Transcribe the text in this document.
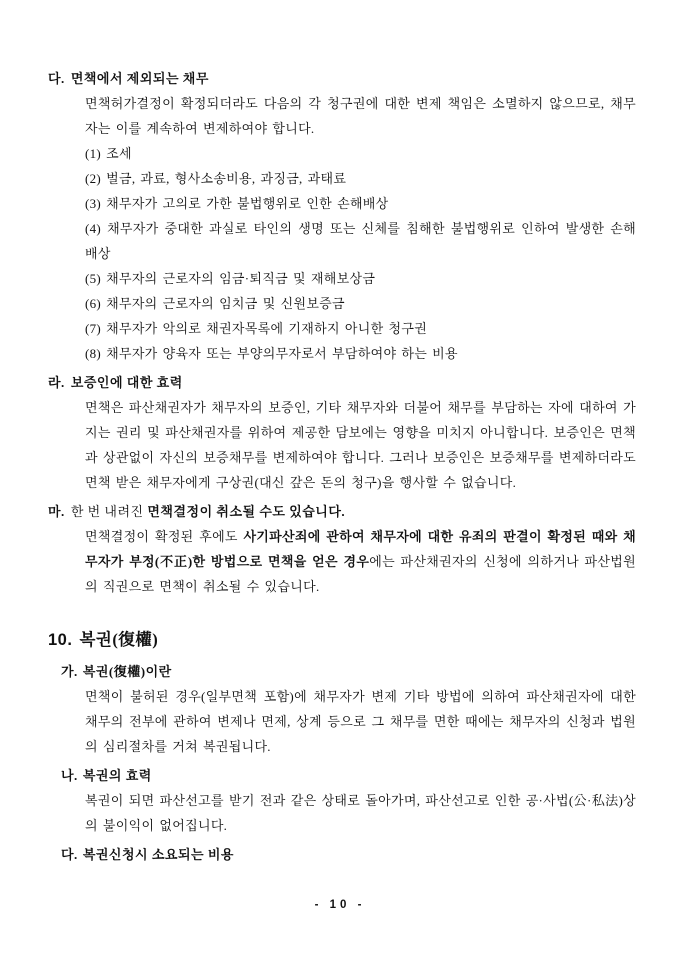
다. 면책에서 제외되는 채무

면책허가결정이 확정되더라도 다음의 각 청구권에 대한 변제 책임은 소멸하지 않으므로, 채무자는 이를 계속하여 변제하여야 합니다.

(1) 조세

(2) 벌금, 과료, 형사소송비용, 과징금, 과태료

(3) 채무자가 고의로 가한 불법행위로 인한 손해배상

(4) 채무자가 중대한 과실로 타인의 생명 또는 신체를 침해한 불법행위로 인하여 발생한 손해배상

(5) 채무자의 근로자의 임금·퇴직금 및 재해보상금

(6) 채무자의 근로자의 임치금 및 신원보증금

(7) 채무자가 악의로 채권자목록에 기재하지 아니한 청구권

(8) 채무자가 양육자 또는 부양의무자로서 부담하여야 하는 비용

라. 보증인에 대한 효력

면책은 파산채권자가 채무자의 보증인, 기타 채무자와 더불어 채무를 부담하는 자에 대하여 가지는 권리 및 파산채권자를 위하여 제공한 담보에는 영향을 미치지 아니합니다. 보증인은 면책과 상관없이 자신의 보증채무를 변제하여야 합니다. 그러나 보증인은 보증채무를 변제하더라도 면책 받은 채무자에게 구상권(대신 갚은 돈의 청구)을 행사할 수 없습니다.

마. 한 번 내려진 면책결정이 취소될 수도 있습니다.

면책결정이 확정된 후에도 사기파산죄에 관하여 채무자에 대한 유죄의 판결이 확정된 때와 채무자가 부정(不正)한 방법으로 면책을 얻은 경우에는 파산채권자의 신청에 의하거나 파산법원의 직권으로 면책이 취소될 수 있습니다.

10. 복권(復權)
가. 복권(復權)이란

면책이 불허된 경우(일부면책 포함)에 채무자가 변제 기타 방법에 의하여 파산채권자에 대한 채무의 전부에 관하여 변제나 면제, 상계 등으로 그 채무를 면한 때에는 채무자의 신청과 법원의 심리절차를 거쳐 복권됩니다.

나. 복권의 효력

복권이 되면 파산선고를 받기 전과 같은 상태로 돌아가며, 파산선고로 인한 공·사법(公·私法)상의 불이익이 없어집니다.

다. 복권신청시 소요되는 비용
- 10 -
